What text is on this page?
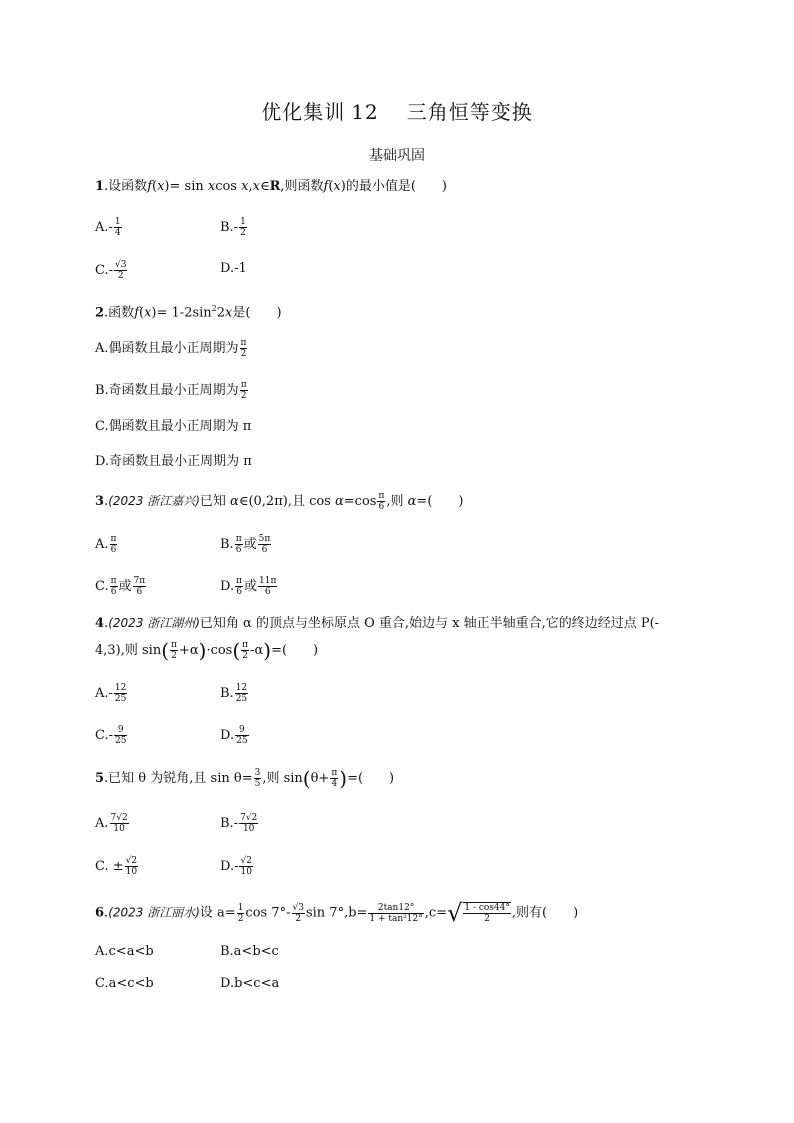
优化集训 12 三角恒等变换
基础巩固
1.设函数f(x)= sin xcos x,x∈R,则函数f(x)的最小值是(　　)
$A.- \frac{1}{4}$	$B.- \frac{1}{2}$
$C.- \frac{√3}{2}$	D.-1
2.函数$f(x)= 1-2\sin^22x$是(　　)
A.偶函数且最小正周期为 $\frac{\pi}{2}$
B.奇函数且最小正周期为 $\frac{\pi}{2}$
C.偶函数且最小正周期为 π
D.奇函数且最小正周期为 π
3.(2023 浙江嘉兴)已知 α∈(0,2π),且 $\cos \alpha=\cos \frac{\pi}{6}$ ,则 α=(　　)
A. $\frac{\pi}{6}$	B. $\frac{\pi}{6}$ 或 $\frac{5\pi}{6}$
C. $\frac{\pi}{6}$ 或 $\frac{7\pi}{6}$	D. $\frac{\pi}{6}$ 或 $\frac{11\pi}{6}$
4.(2023 浙江湖州)已知角 α 的顶点与坐标原点 O 重合,始边与 x 轴正半轴重合,它的终边经过点 P(-
4,3),则 $\sin( \frac{\pi}{2} +\alpha)\cdot\cos( \frac{\pi}{2} -\alpha)=$(　　)
$A.- \frac{12}{25}$	B. $\frac{12}{25}$
$C.- \frac{9}{25}$	D. $\frac{9}{25}$
5.已知 θ 为锐角,且 $\sin \theta= \frac{3}{5}$ ,则 $\sin(\theta+ \frac{\pi}{4}$ )=(　　)
A. $\frac{7√2}{10}$	$B.- \frac{7√2}{10}$
C. ± $\frac{√2}{10}$	$D.- \frac{√2}{10}$
6.(2023 浙江丽水)设 $a= \frac{1}{2}$ $\cos 7^\circ- \frac{√3}{2}$ $\sin 7^\circ,b= \frac{2\tan 12^\circ}{\text{1 + tan²12°}} ,c=√ \frac{1 - \cos 44^\circ}{2}$ ,则有(　　)
A.c<a<b	B.a<b<c
C.a<c<b	D.b<c<a
